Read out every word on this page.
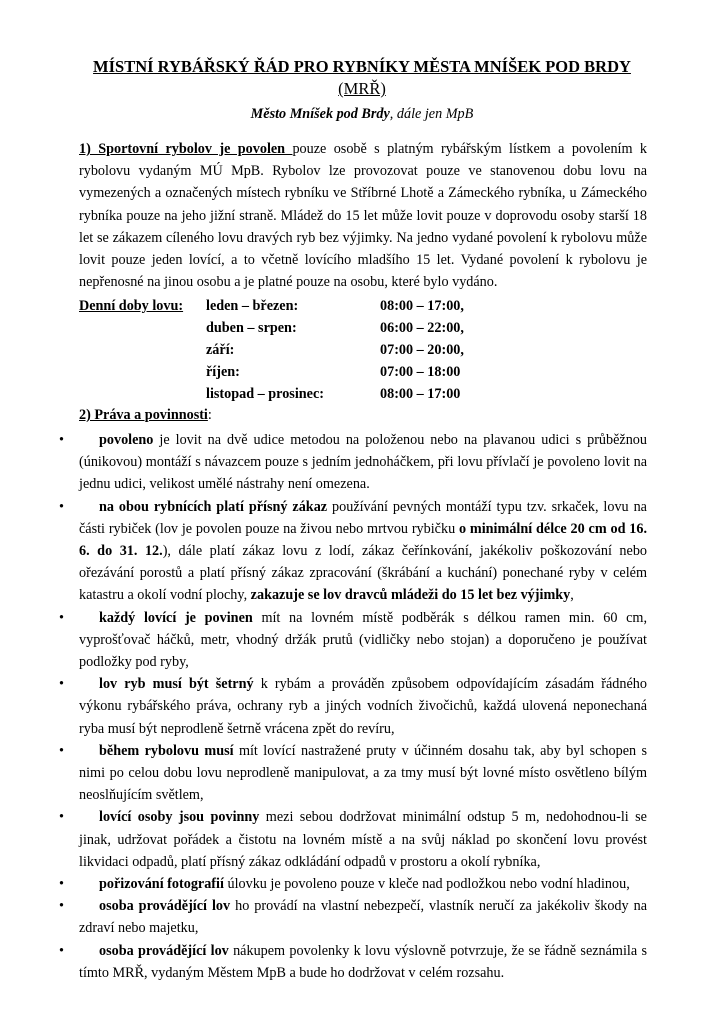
MÍSTNÍ RYBÁŘSKÝ ŘÁD PRO RYBNÍKY MĚSTA MNÍŠEK POD BRDY
(MRŘ)
Město Mníšek pod Brdy, dále jen MpB
1) Sportovní rybolov je povolen pouze osobě s platným rybářským lístkem a povolením k rybolovu vydaným MÚ MpB. Rybolov lze provozovat pouze ve stanovenou dobu lovu na vymezených a označených místech rybníku ve Stříbrné Lhotě a Zámeckého rybníka, u Zámeckého rybníka pouze na jeho jižní straně. Mládež do 15 let může lovit pouze v doprovodu osoby starší 18 let se zákazem cíleného lovu dravých ryb bez výjimky. Na jedno vydané povolení k rybolovu může lovit pouze jeden lovící, a to včetně lovícího mladšího 15 let. Vydané povolení k rybolovu je nepřenosné na jinou osobu a je platné pouze na osobu, které bylo vydáno.
Denní doby lovu: leden – březen:	08:00 – 17:00,
duben – srpen:	06:00 – 22:00,
září:	07:00 – 20:00,
říjen:	07:00 – 18:00
listopad – prosinec:	08:00 – 17:00
2) Práva a povinnosti:
• povoleno je lovit na dvě udice metodou na položenou nebo na plavanou udici s průběžnou (únikovou) montáží s návazcem pouze s jedním jednoháčkem, při lovu přívlačí je povoleno lovit na jednu udici, velikost umělé nástrahy není omezena.
• na obou rybnících platí přísný zákaz používání pevných montáží typu tzv. srkaček, lovu na části rybiček (lov je povolen pouze na živou nebo mrtvou rybičku o minimální délce 20 cm od 16. 6. do 31. 12.), dále platí zákaz lovu z lodí, zákaz čeřínkování, jakékoliv poškozování nebo ořezávání porostů a platí přísný zákaz zpracování (škrábání a kuchání) ponechané ryby v celém katastru a okolí vodní plochy, zakazuje se lov dravců mládeži do 15 let bez výjimky,
• každý lovící je povinen mít na lovném místě podběrák s délkou ramen min. 60 cm, vyprošťovač háčků, metr, vhodný držák prutů (vidličky nebo stojan) a doporučeno je používat podložky pod ryby,
• lov ryb musí být šetrný k rybám a prováděn způsobem odpovídajícím zásadám řádného výkonu rybářského práva, ochrany ryb a jiných vodních živočichů, každá ulovená neponechaná ryba musí být neprodleně šetrně vrácena zpět do revíru,
• během rybolovu musí mít lovící nastražené pruty v účinném dosahu tak, aby byl schopen s nimi po celou dobu lovu neprodleně manipulovat, a za tmy musí být lovné místo osvětleno bílým neoslňujícím světlem,
• lovící osoby jsou povinny mezi sebou dodržovat minimální odstup 5 m, nedohodnou-li se jinak, udržovat pořádek a čistotu na lovném místě a na svůj náklad po skončení lovu provést likvidaci odpadů, platí přísný zákaz odkládání odpadů v prostoru a okolí rybníka,
• pořizování fotografií úlovku je povoleno pouze v kleče nad podložkou nebo vodní hladinou,
• osoba provádějící lov ho provádí na vlastní nebezpečí, vlastník neručí za jakékoliv škody na zdraví nebo majetku,
• osoba provádějící lov nákupem povolenky k lovu výslovně potvrzuje, že se řádně seznámila s tímto MRŘ, vydaným Městem MpB a bude ho dodržovat v celém rozsahu.
